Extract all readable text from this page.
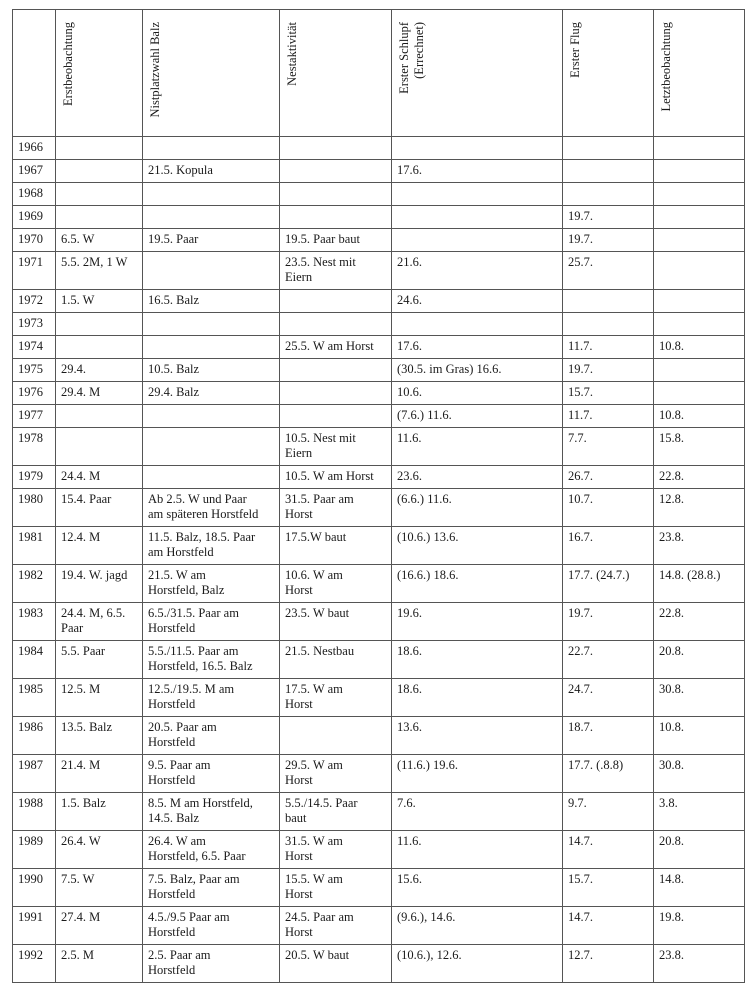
	Erstbeobachtung	Nistplatzwahl Balz	Nestaktivität	Erster Schlupf
(Errechnet)	Erster Flug	Letztbeobachtung

1966						
1967		21.5. Kopula		17.6.		
1968						
1969					19.7.	
1970	6.5. W	19.5. Paar	19.5. Paar baut		19.7.	
1971	5.5. 2M, 1 W		23.5. Nest mit
Eiern	21.6.	25.7.	
1972	1.5. W	16.5. Balz		24.6.		
1973						
1974			25.5. W am Horst	17.6.	11.7.	10.8.
1975	29.4.	10.5. Balz		(30.5. im Gras) 16.6.	19.7.	
1976	29.4. M	29.4. Balz		10.6.	15.7.	
1977				(7.6.) 11.6.	11.7.	10.8.
1978			10.5. Nest mit
Eiern	11.6.	7.7.	15.8.
1979	24.4. M		10.5. W am Horst	23.6.	26.7.	22.8.
1980	15.4. Paar	Ab 2.5. W und Paar
am späteren Horstfeld	31.5. Paar am
Horst	(6.6.) 11.6.	10.7.	12.8.
1981	12.4. M	11.5. Balz, 18.5. Paar
am Horstfeld	17.5.W baut	(10.6.) 13.6.	16.7.	23.8.
1982	19.4. W. jagd	21.5. W am
Horstfeld, Balz	10.6. W am
Horst	(16.6.) 18.6.	17.7. (24.7.)	14.8. (28.8.)
1983	24.4. M, 6.5.
Paar	6.5./31.5. Paar am
Horstfeld	23.5. W baut	19.6.	19.7.	22.8.
1984	5.5. Paar	5.5./11.5. Paar am
Horstfeld, 16.5. Balz	21.5. Nestbau	18.6.	22.7.	20.8.
1985	12.5. M	12.5./19.5. M am
Horstfeld	17.5. W am
Horst	18.6.	24.7.	30.8.
1986	13.5. Balz	20.5. Paar am
Horstfeld		13.6.	18.7.	10.8.
1987	21.4. M	9.5. Paar am
Horstfeld	29.5. W am
Horst	(11.6.) 19.6.	17.7. (.8.8)	30.8.
1988	1.5. Balz	8.5. M am Horstfeld,
14.5. Balz	5.5./14.5. Paar
baut	7.6.	9.7.	3.8.
1989	26.4. W	26.4. W am
Horstfeld, 6.5. Paar	31.5. W am
Horst	11.6.	14.7.	20.8.
1990	7.5. W	7.5. Balz, Paar am
Horstfeld	15.5. W am
Horst	15.6.	15.7.	14.8.
1991	27.4. M	4.5./9.5 Paar am
Horstfeld	24.5. Paar am
Horst	(9.6.), 14.6.	14.7.	19.8.
1992	2.5. M	2.5. Paar am
Horstfeld	20.5. W baut	(10.6.), 12.6.	12.7.	23.8.
